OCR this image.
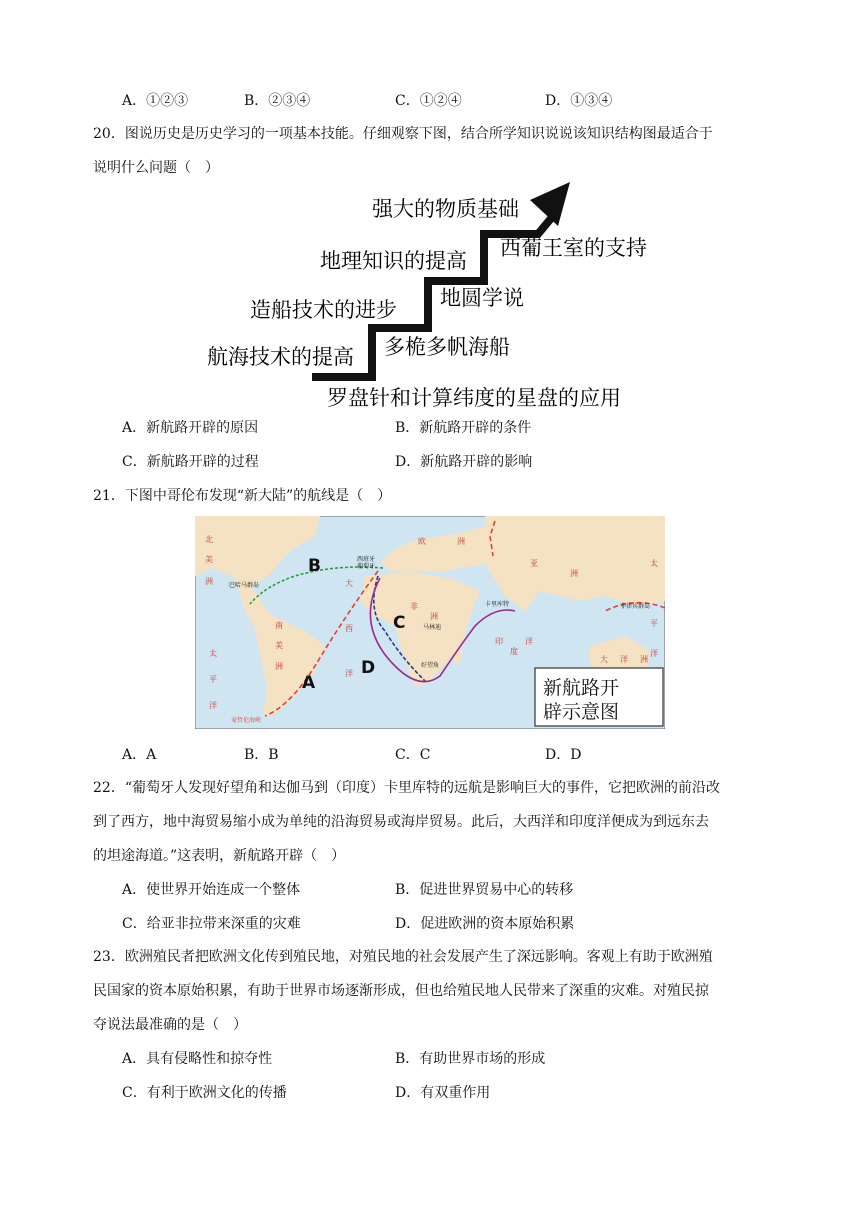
A．①②③	B．②③④	C．①②④	D．①③④
20．图说历史是历史学习的一项基本技能。仔细观察下图，结合所学知识说说该知识结构图最适合于
说明什么问题（　）
强大的物质基础
地理知识的提高
造船技术的进步
航海技术的提高
西葡王室的支持
地圆学说
多桅多帆海船
罗盘针和计算纬度的星盘的应用
A．新航路开辟的原因	B．新航路开辟的条件
C．新航路开辟的过程	D．新航路开辟的影响
21．下图中哥伦布发现“新大陆”的航线是（　）
B
A
C
D
西班牙
葡萄牙
巴哈马群岛
卡里库特
马林迪
好望角
菲律宾群岛
麦哲伦海峡
北
美
洲
南
美
洲
非
洲
欧	洲
亚
洲
大
西
洋
太
平
洋
印
度
洋
大 洋 洲
太
平
洋
新航路开
辟示意图
A．A	B．B	C．C	D．D
22．“葡萄牙人发现好望角和达伽马到（印度）卡里库特的远航是影响巨大的事件，它把欧洲的前沿改
到了西方，地中海贸易缩小成为单纯的沿海贸易或海岸贸易。此后，大西洋和印度洋便成为到远东去
的坦途海道。”这表明，新航路开辟（　）
A．使世界开始连成一个整体	B．促进世界贸易中心的转移
C．给亚非拉带来深重的灾难	D．促进欧洲的资本原始积累
23．欧洲殖民者把欧洲文化传到殖民地，对殖民地的社会发展产生了深远影响。客观上有助于欧洲殖
民国家的资本原始积累，有助于世界市场逐渐形成，但也给殖民地人民带来了深重的灾难。对殖民掠
夺说法最准确的是（　）
A．具有侵略性和掠夺性	B．有助世界市场的形成
C．有利于欧洲文化的传播	D．有双重作用
